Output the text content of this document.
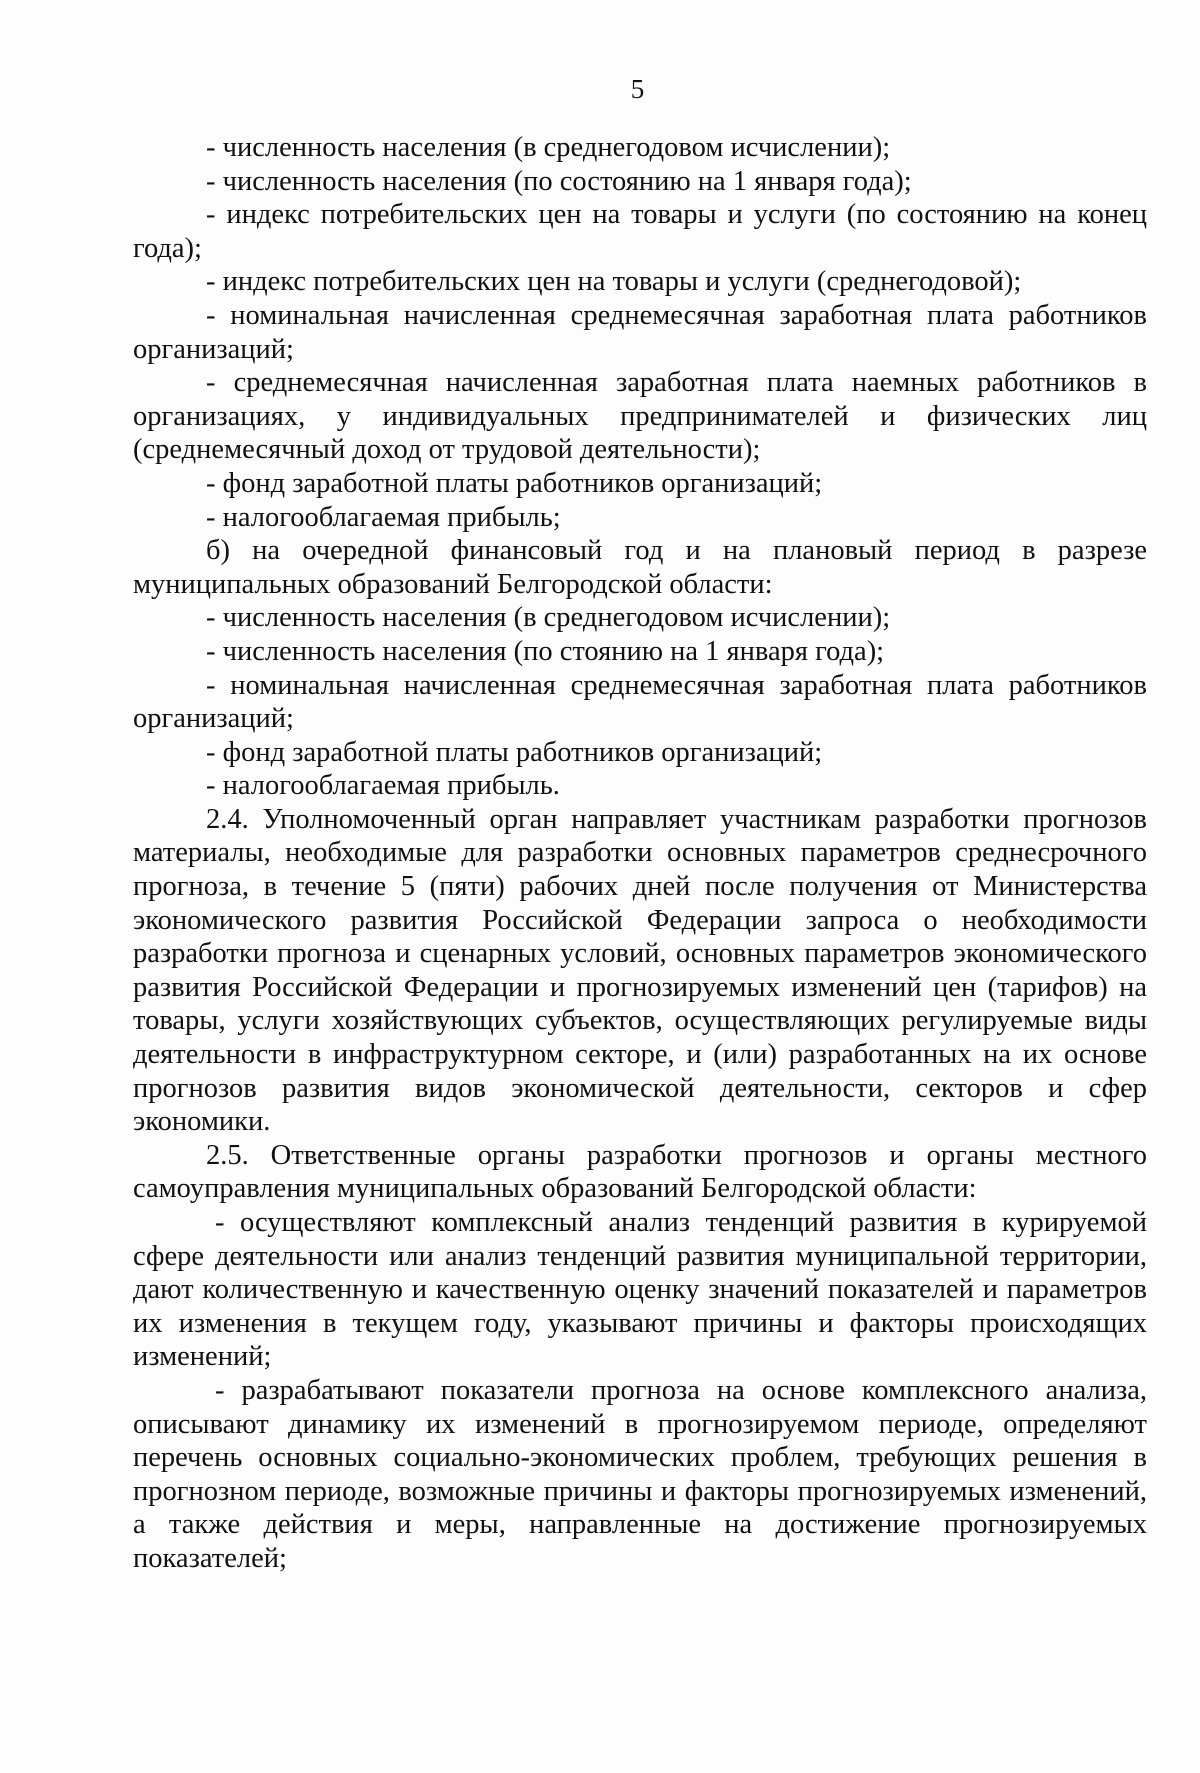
5

- численность населения (в среднегодовом исчислении);

- численность населения (по состоянию на 1 января года);

- индекс потребительских цен на товары и услуги (по состоянию на конец года);

- индекс потребительских цен на товары и услуги (среднегодовой);

- номинальная начисленная среднемесячная заработная плата работников организаций;

- среднемесячная начисленная заработная плата наемных работников в организациях, у индивидуальных предпринимателей и физических лиц (среднемесячный доход от трудовой деятельности);

- фонд заработной платы работников организаций;

- налогооблагаемая прибыль;

б) на очередной финансовый год и на плановый период в разрезе муниципальных образований Белгородской области:

- численность населения (в среднегодовом исчислении);

- численность населения (по стоянию на 1 января года);

- номинальная начисленная среднемесячная заработная плата работников организаций;

- фонд заработной платы работников организаций;

- налогооблагаемая прибыль.

2.4. Уполномоченный орган направляет участникам разработки прогнозов материалы, необходимые для разработки основных параметров среднесрочного прогноза, в течение 5 (пяти) рабочих дней после получения от Министерства экономического развития Российской Федерации запроса о необходимости разработки прогноза и сценарных условий, основных параметров экономического развития Российской Федерации и прогнозируемых изменений цен (тарифов) на товары, услуги хозяйствующих субъектов, осуществляющих регулируемые виды деятельности в инфраструктурном секторе, и (или) разработанных на их основе прогнозов развития видов экономической деятельности, секторов и сфер экономики.

2.5. Ответственные органы разработки прогнозов и органы местного самоуправления муниципальных образований Белгородской области:

- осуществляют комплексный анализ тенденций развития в курируемой сфере деятельности или анализ тенденций развития муниципальной территории, дают количественную и качественную оценку значений показателей и параметров их изменения в текущем году, указывают причины и факторы происходящих изменений;

- разрабатывают показатели прогноза на основе комплексного анализа, описывают динамику их изменений в прогнозируемом периоде, определяют перечень основных социально-экономических проблем, требующих решения в прогнозном периоде, возможные причины и факторы прогнозируемых изменений, а также действия и меры, направленные на достижение прогнозируемых показателей;
